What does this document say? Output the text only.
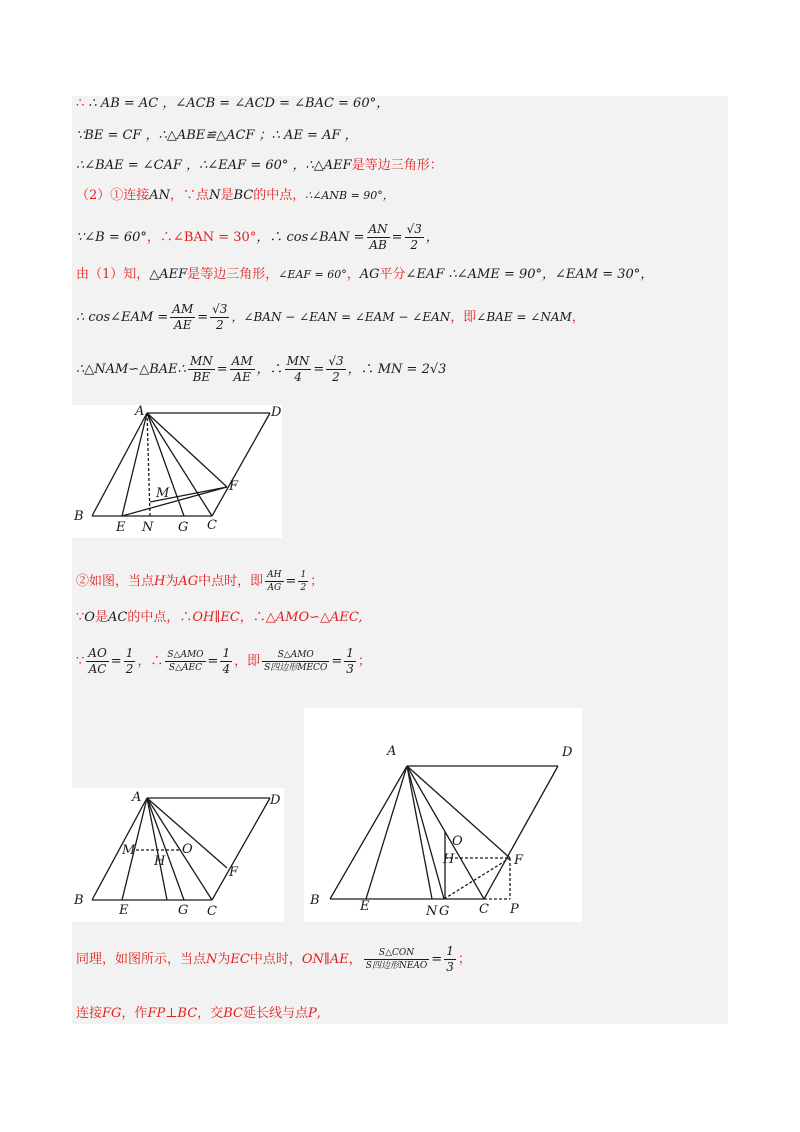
∴ ∴ AB = AC ，∠ACB = ∠ACD = ∠BAC = 60°，
∵BE = CF ，∴△ABE≌△ACF ；∴ AE = AF ，
∴∠BAE = ∠CAF ，∴∠EAF = 60° ，∴△AEF是等边三角形：
（2）①连接AN，∵点N是BC的中点，∴∠ANB = 90°，
∵∠B = 60°，∴∠BAN = 30°，∴ cos∠BAN = $\frac{AN}{AB} = \frac{√3}{2}$ ，
由（1）知，△AEF是等边三角形，∠EAF = 60°，AG平分∠EAF ∴∠AME = 90°，∠EAM = 30°，
∴ cos∠EAM = $\frac{AM}{AE} = \frac{√3}{2}$ ，∠BAN − ∠EAN = ∠EAM − ∠EAN，即∠BAE = ∠NAM，
∴△NAM∽△BAE∴ $\frac{MN}{BE} = \frac{AM}{AE}$ ，∴ $\frac{MN}{4} = \frac{√3}{2}$ ，∴ MN = 2√3
A	D
B
E N G C
M	F
②如图，当点H为AG中点时，即 $\frac{AH}{AG} = \frac{1}{2}$ ；
∵O是AC的中点，∴OH∥EC，∴△AMO∽△AEC,
∵ $\frac{AO}{AC} = \frac{1}{2}$ ，∴ $\frac{\text{S△AMO}}{\text{S△AEC}} = \frac{1}{4}$ ，即 $\frac{\text{S△AMO}}{\text{S四边形MECO}} = \frac{1}{3}$ ；
A	D
B
E	G C
M
H
O
F
A	D
B	E	N G C P
O
H	F
同理，如图所示，当点N为EC中点时，ON∥AE， $\frac{\text{S△CON}}{\text{S四边形NEAO}} = \frac{1}{3}$ ；
连接FG，作FP⊥BC，交BC延长线与点P,
